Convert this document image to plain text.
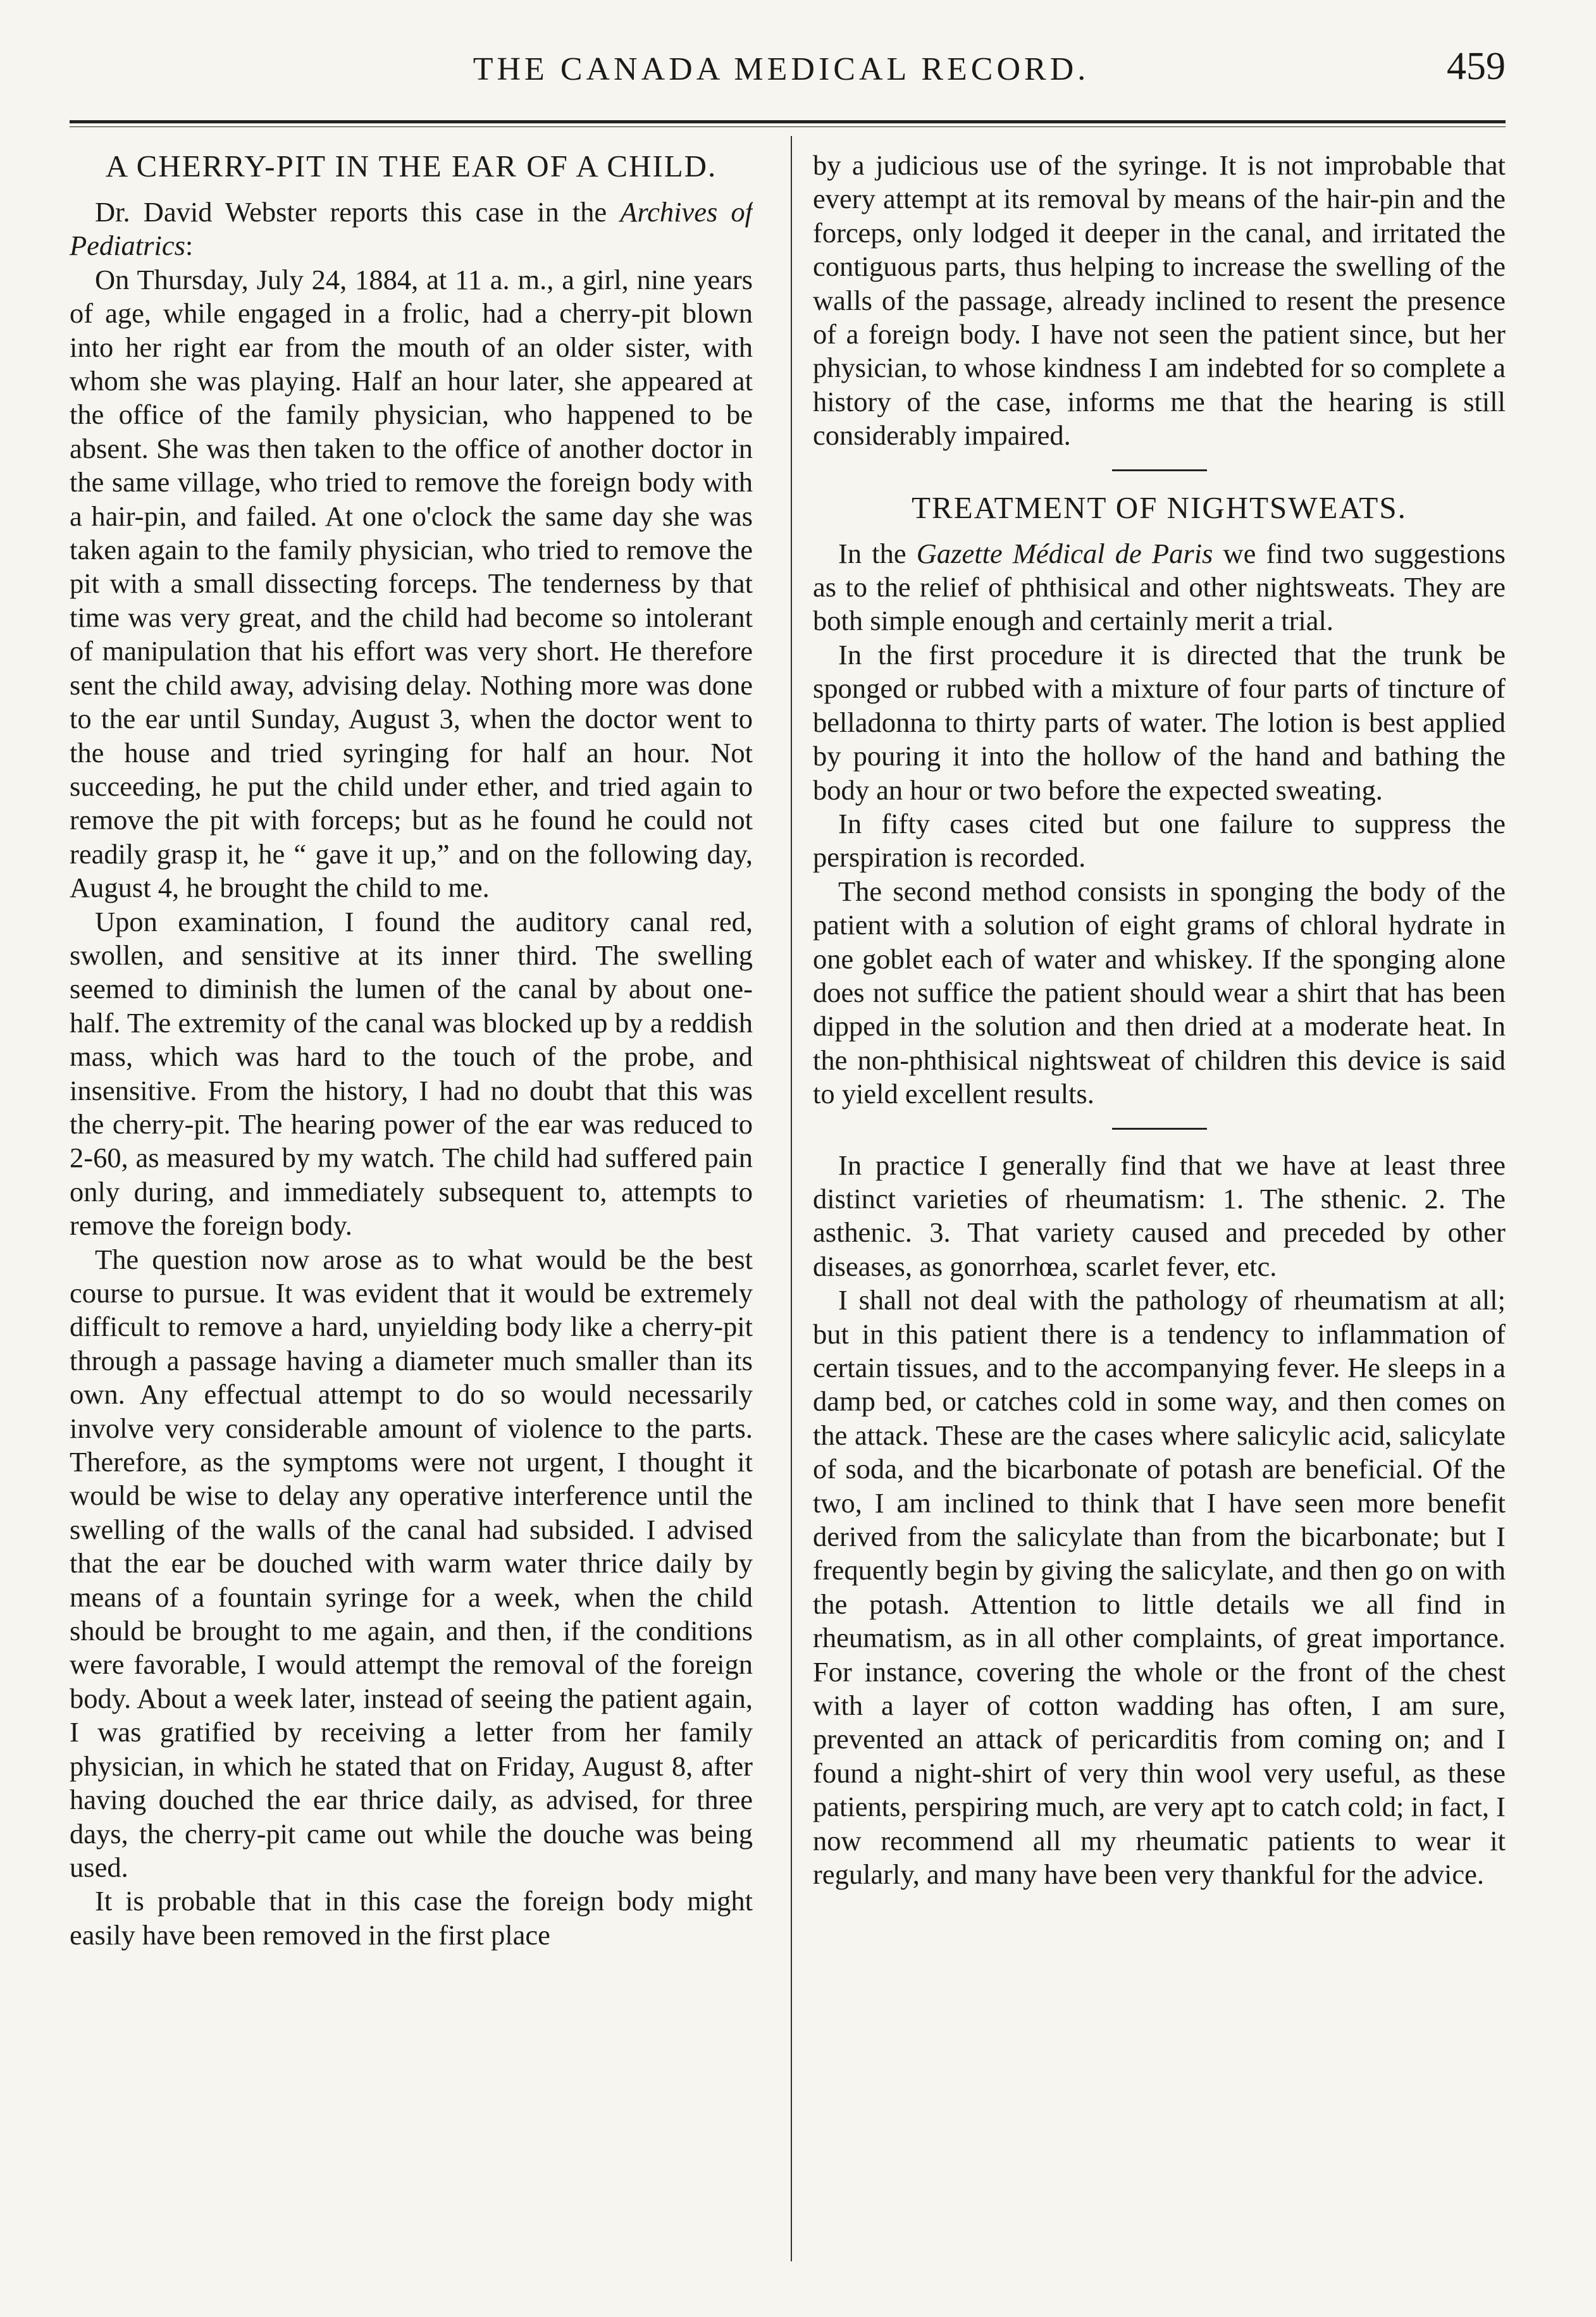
THE CANADA MEDICAL RECORD.	459
A CHERRY-PIT IN THE EAR OF A CHILD.

Dr. David Webster reports this case in the Archives of Pediatrics:

On Thursday, July 24, 1884, at 11 a. m., a girl, nine years of age, while engaged in a frolic, had a cherry-pit blown into her right ear from the mouth of an older sister, with whom she was playing. Half an hour later, she appeared at the office of the family physician, who happened to be absent. She was then taken to the office of another doctor in the same village, who tried to remove the foreign body with a hair-pin, and failed. At one o'clock the same day she was taken again to the family physician, who tried to remove the pit with a small dissecting forceps. The tenderness by that time was very great, and the child had become so intolerant of manipulation that his effort was very short. He therefore sent the child away, advising delay. Nothing more was done to the ear until Sunday, August 3, when the doctor went to the house and tried syringing for half an hour. Not succeeding, he put the child under ether, and tried again to remove the pit with forceps; but as he found he could not readily grasp it, he “ gave it up,” and on the following day, August 4, he brought the child to me.

Upon examination, I found the auditory canal red, swollen, and sensitive at its inner third. The swelling seemed to diminish the lumen of the canal by about one-half. The extremity of the canal was blocked up by a reddish mass, which was hard to the touch of the probe, and insensitive. From the history, I had no doubt that this was the cherry-pit. The hearing power of the ear was reduced to 2-60, as measured by my watch. The child had suffered pain only during, and immediately subsequent to, attempts to remove the foreign body.

The question now arose as to what would be the best course to pursue. It was evident that it would be extremely difficult to remove a hard, unyielding body like a cherry-pit through a passage having a diameter much smaller than its own. Any effectual attempt to do so would necessarily involve very considerable amount of violence to the parts. Therefore, as the symptoms were not urgent, I thought it would be wise to delay any operative interference until the swelling of the walls of the canal had subsided. I advised that the ear be douched with warm water thrice daily by means of a fountain syringe for a week, when the child should be brought to me again, and then, if the conditions were favorable, I would attempt the removal of the foreign body. About a week later, instead of seeing the patient again, I was gratified by receiving a letter from her family physician, in which he stated that on Friday, August 8, after having douched the ear thrice daily, as advised, for three days, the cherry-pit came out while the douche was being used.

It is probable that in this case the foreign body might easily have been removed in the first place

by a judicious use of the syringe. It is not improbable that every attempt at its removal by means of the hair-pin and the forceps, only lodged it deeper in the canal, and irritated the contiguous parts, thus helping to increase the swelling of the walls of the passage, already inclined to resent the presence of a foreign body. I have not seen the patient since, but her physician, to whose kindness I am indebted for so complete a history of the case, informs me that the hearing is still considerably impaired.

TREATMENT OF NIGHTSWEATS.

In the Gazette Médical de Paris we find two suggestions as to the relief of phthisical and other nightsweats. They are both simple enough and certainly merit a trial.

In the first procedure it is directed that the trunk be sponged or rubbed with a mixture of four parts of tincture of belladonna to thirty parts of water. The lotion is best applied by pouring it into the hollow of the hand and bathing the body an hour or two before the expected sweating.

In fifty cases cited but one failure to suppress the perspiration is recorded.

The second method consists in sponging the body of the patient with a solution of eight grams of chloral hydrate in one goblet each of water and whiskey. If the sponging alone does not suffice the patient should wear a shirt that has been dipped in the solution and then dried at a moderate heat. In the non-phthisical nightsweat of children this device is said to yield excellent results.

In practice I generally find that we have at least three distinct varieties of rheumatism: 1. The sthenic. 2. The asthenic. 3. That variety caused and preceded by other diseases, as gonorrhœa, scarlet fever, etc.

I shall not deal with the pathology of rheumatism at all; but in this patient there is a tendency to inflammation of certain tissues, and to the accompanying fever. He sleeps in a damp bed, or catches cold in some way, and then comes on the attack. These are the cases where salicylic acid, salicylate of soda, and the bicarbonate of potash are beneficial. Of the two, I am inclined to think that I have seen more benefit derived from the salicylate than from the bicarbonate; but I frequently begin by giving the salicylate, and then go on with the potash. Attention to little details we all find in rheumatism, as in all other complaints, of great importance. For instance, covering the whole or the front of the chest with a layer of cotton wadding has often, I am sure, prevented an attack of pericarditis from coming on; and I found a night-shirt of very thin wool very useful, as these patients, perspiring much, are very apt to catch cold; in fact, I now recommend all my rheumatic patients to wear it regularly, and many have been very thankful for the advice.
